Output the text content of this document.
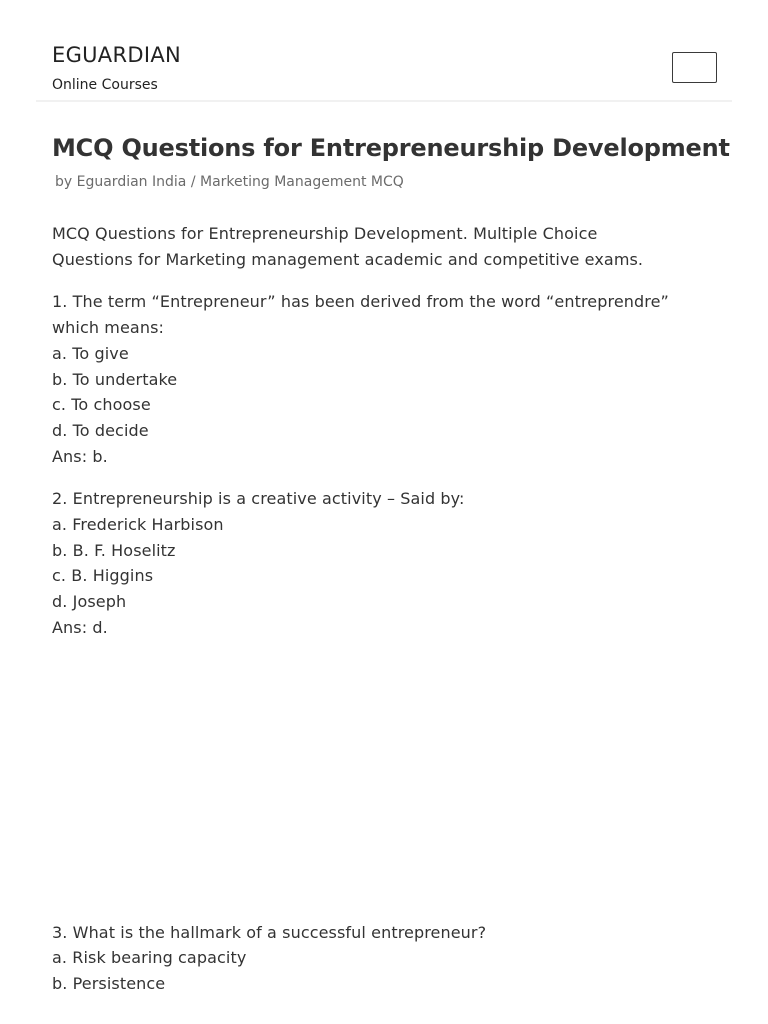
EGUARDIAN
Online Courses
MCQ Questions for Entrepreneurship Development
by Eguardian India / Marketing Management MCQ

MCQ Questions for Entrepreneurship Development. Multiple Choice
Questions for Marketing management academic and competitive exams.

1. The term “Entrepreneur” has been derived from the word “entreprendre”
which means:
a. To give
b. To undertake
c. To choose
d. To decide
Ans: b.

2. Entrepreneurship is a creative activity – Said by:
a. Frederick Harbison
b. B. F. Hoselitz
c. B. Higgins
d. Joseph
Ans: d.

3. What is the hallmark of a successful entrepreneur?
a. Risk bearing capacity
b. Persistence
